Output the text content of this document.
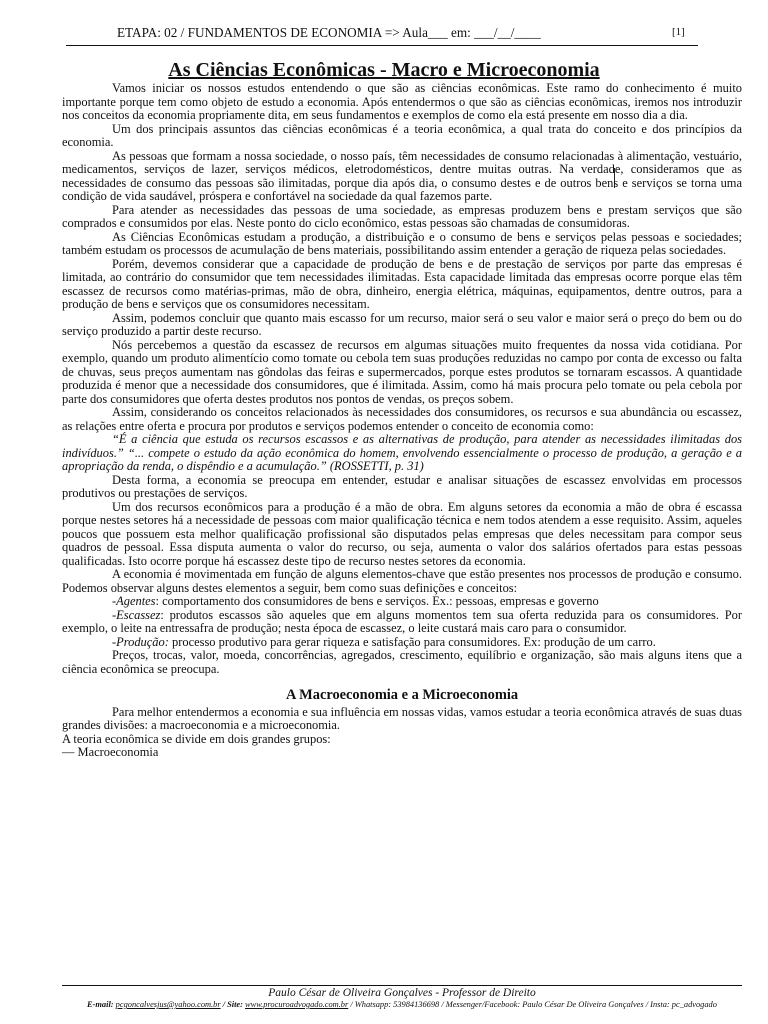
ETAPA: 02 / FUNDAMENTOS DE ECONOMIA => Aula___ em: ___/__/____	[1]
As Ciências Econômicas - Macro e Microeconomia

Vamos iniciar os nossos estudos entendendo o que são as ciências econômicas. Este ramo do conhecimento é muito importante porque tem como objeto de estudo a economia. Após entendermos o que são as ciências econômicas, iremos nos introduzir nos conceitos da economia propriamente dita, em seus fundamentos e exemplos de como ela está presente em nosso dia a dia.

Um dos principais assuntos das ciências econômicas é a teoria econômica, a qual trata do conceito e dos princípios da economia.

As pessoas que formam a nossa sociedade, o nosso país, têm necessidades de consumo relacionadas à alimentação, vestuário, medicamentos, serviços de lazer, serviços médicos, eletrodomésticos, dentre muitas outras. Na verdade, consideramos que as necessidades de consumo das pessoas são ilimitadas, porque dia após dia, o consumo destes e de outros bens e serviços se torna uma condição de vida saudável, próspera e confortável na sociedade da qual fazemos parte.

Para atender as necessidades das pessoas de uma sociedade, as empresas produzem bens e prestam serviços que são comprados e consumidos por elas. Neste ponto do ciclo econômico, estas pessoas são chamadas de consumidoras.

As Ciências Econômicas estudam a produção, a distribuição e o consumo de bens e serviços pelas pessoas e sociedades; também estudam os processos de acumulação de bens materiais, possibilitando assim entender a geração de riqueza pelas sociedades.

Porém, devemos considerar que a capacidade de produção de bens e de prestação de serviços por parte das empresas é limitada, ao contrário do consumidor que tem necessidades ilimitadas. Esta capacidade limitada das empresas ocorre porque elas têm escassez de recursos como matérias-primas, mão de obra, dinheiro, energia elétrica, máquinas, equipamentos, dentre outros, para a produção de bens e serviços que os consumidores necessitam.

Assim, podemos concluir que quanto mais escasso for um recurso, maior será o seu valor e maior será o preço do bem ou do serviço produzido a partir deste recurso.

Nós percebemos a questão da escassez de recursos em algumas situações muito frequentes da nossa vida cotidiana. Por exemplo, quando um produto alimentício como tomate ou cebola tem suas produções reduzidas no campo por conta de excesso ou falta de chuvas, seus preços aumentam nas gôndolas das feiras e supermercados, porque estes produtos se tornaram escassos. A quantidade produzida é menor que a necessidade dos consumidores, que é ilimitada. Assim, como há mais procura pelo tomate ou pela cebola por parte dos consumidores que oferta destes produtos nos pontos de vendas, os preços sobem.

Assim, considerando os conceitos relacionados às necessidades dos consumidores, os recursos e sua abundância ou escassez, as relações entre oferta e procura por produtos e serviços podemos entender o conceito de economia como:

“É a ciência que estuda os recursos escassos e as alternativas de produção, para atender as necessidades ilimitadas dos indivíduos.” “... compete o estudo da ação econômica do homem, envolvendo essencialmente o processo de produção, a geração e a apropriação da renda, o dispêndio e a acumulação.” (ROSSETTI, p. 31)

Desta forma, a economia se preocupa em entender, estudar e analisar situações de escassez envolvidas em processos produtivos ou prestações de serviços.

Um dos recursos econômicos para a produção é a mão de obra. Em alguns setores da economia a mão de obra é escassa porque nestes setores há a necessidade de pessoas com maior qualificação técnica e nem todos atendem a esse requisito. Assim, aqueles poucos que possuem esta melhor qualificação profissional são disputados pelas empresas que deles necessitam para compor seus quadros de pessoal. Essa disputa aumenta o valor do recurso, ou seja, aumenta o valor dos salários ofertados para estas pessoas qualificadas. Isto ocorre porque há escassez deste tipo de recurso nestes setores da economia.

A economia é movimentada em função de alguns elementos-chave que estão presentes nos processos de produção e consumo. Podemos observar alguns destes elementos a seguir, bem como suas definições e conceitos:

-Agentes: comportamento dos consumidores de bens e serviços. Ex.: pessoas, empresas e governo

-Escassez: produtos escassos são aqueles que em alguns momentos tem sua oferta reduzida para os consumidores. Por exemplo, o leite na entressafra de produção; nesta época de escassez, o leite custará mais caro para o consumidor.

-Produção: processo produtivo para gerar riqueza e satisfação para consumidores. Ex: produção de um carro.

Preços, trocas, valor, moeda, concorrências, agregados, crescimento, equilíbrio e organização, são mais alguns itens que a ciência econômica se preocupa.

A Macroeconomia e a Microeconomia

Para melhor entendermos a economia e sua influência em nossas vidas, vamos estudar a teoria econômica através de suas duas grandes divisões: a macroeconomia e a microeconomia.

A teoria econômica se divide em dois grandes grupos:

— Macroeconomia

Paulo César de Oliveira Gonçalves - Professor de Direito
E-mail: pcgoncalvesjus@yahoo.com.br / Site: www.procuroadvogado.com.br / Whatsapp: 53984136698 / Messenger/Facebook: Paulo César De Oliveira Gonçalves / Insta: pc_advogado
